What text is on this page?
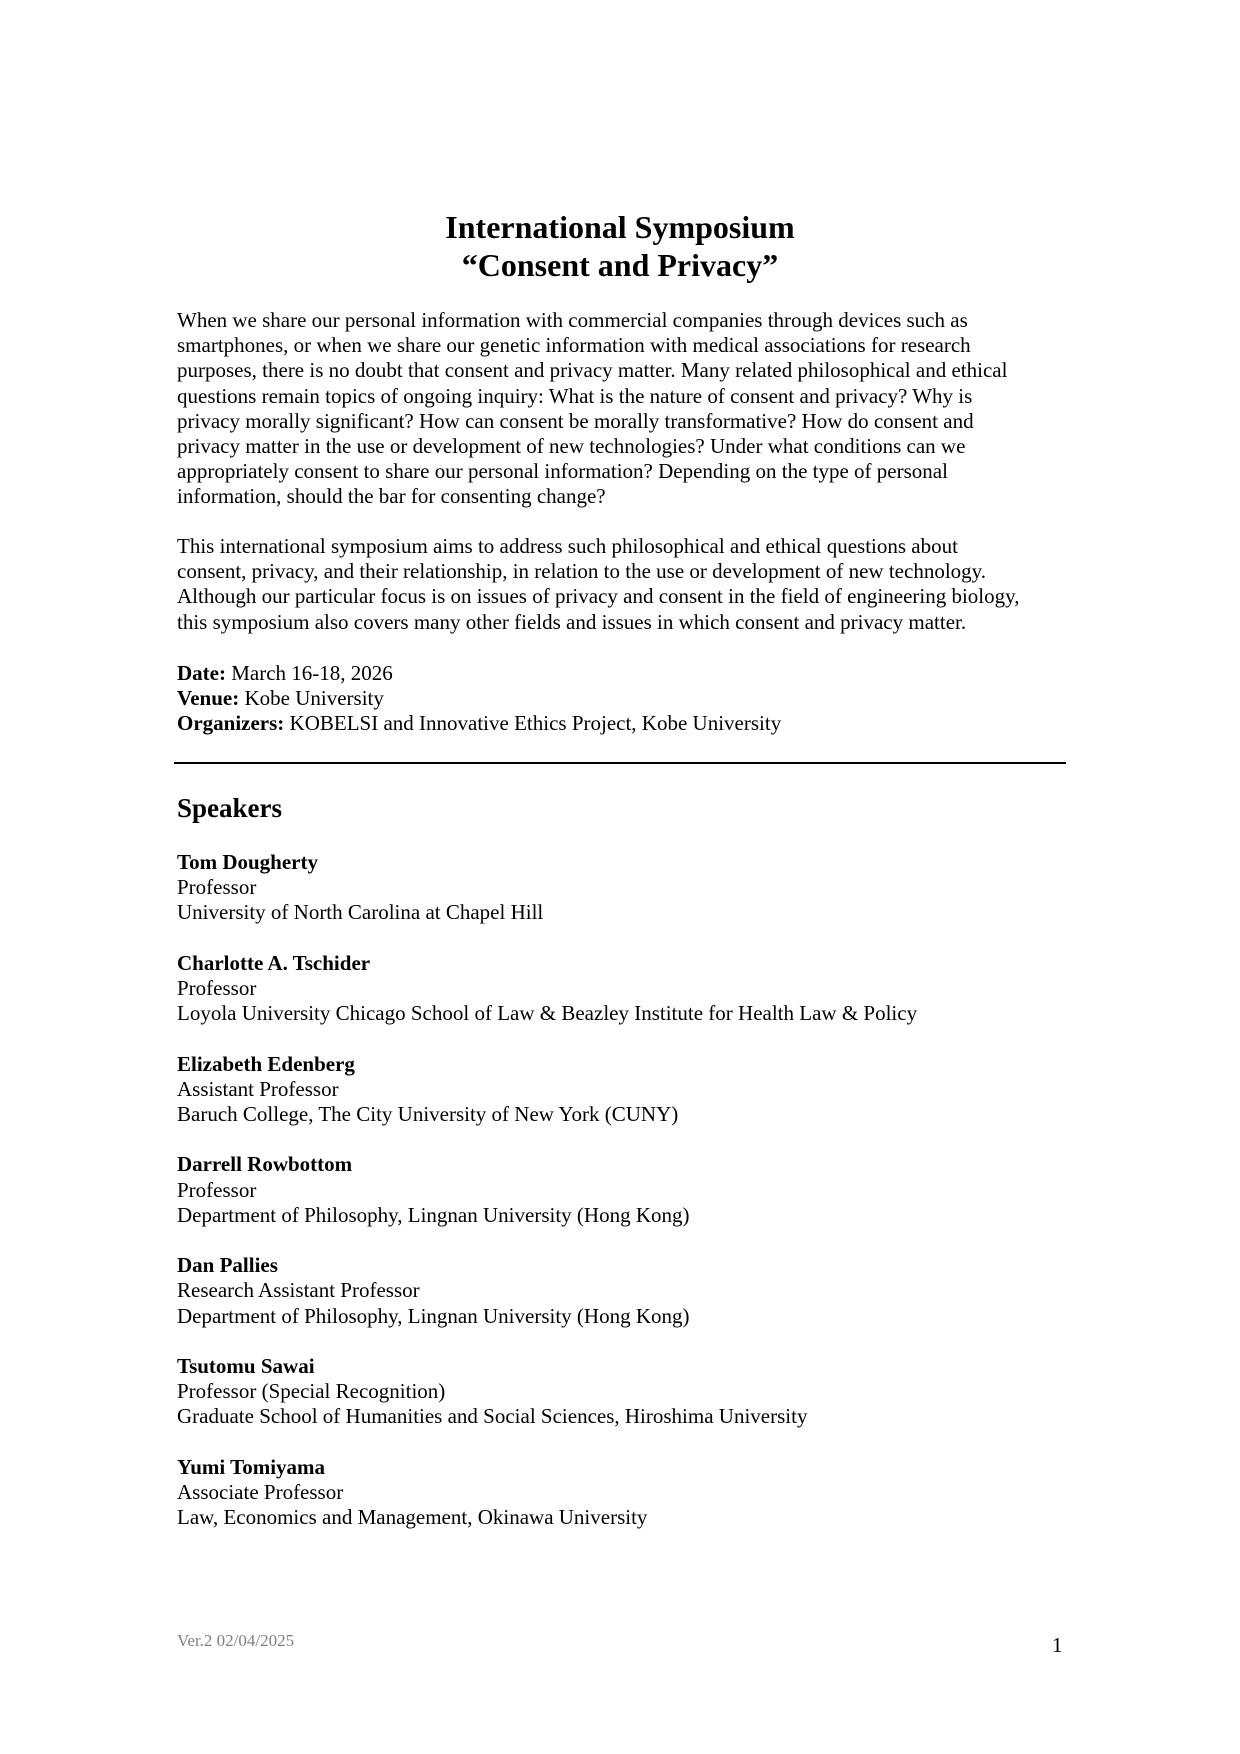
International Symposium
“Consent and Privacy”
When we share our personal information with commercial companies through devices such as
smartphones, or when we share our genetic information with medical associations for research
purposes, there is no doubt that consent and privacy matter. Many related philosophical and ethical
questions remain topics of ongoing inquiry: What is the nature of consent and privacy? Why is
privacy morally significant? How can consent be morally transformative? How do consent and
privacy matter in the use or development of new technologies? Under what conditions can we
appropriately consent to share our personal information? Depending on the type of personal
information, should the bar for consenting change?
This international symposium aims to address such philosophical and ethical questions about
consent, privacy, and their relationship, in relation to the use or development of new technology.
Although our particular focus is on issues of privacy and consent in the field of engineering biology,
this symposium also covers many other fields and issues in which consent and privacy matter.
Date: March 16-18, 2026
Venue: Kobe University
Organizers: KOBELSI and Innovative Ethics Project, Kobe University
Speakers
Tom Dougherty
Professor
University of North Carolina at Chapel Hill
Charlotte A. Tschider
Professor
Loyola University Chicago School of Law & Beazley Institute for Health Law & Policy
Elizabeth Edenberg
Assistant Professor
Baruch College, The City University of New York (CUNY)
Darrell Rowbottom
Professor
Department of Philosophy, Lingnan University (Hong Kong)
Dan Pallies
Research Assistant Professor
Department of Philosophy, Lingnan University (Hong Kong)
Tsutomu Sawai
Professor (Special Recognition)
Graduate School of Humanities and Social Sciences, Hiroshima University
Yumi Tomiyama
Associate Professor
Law, Economics and Management, Okinawa University
Ver.2 02/04/2025	1
